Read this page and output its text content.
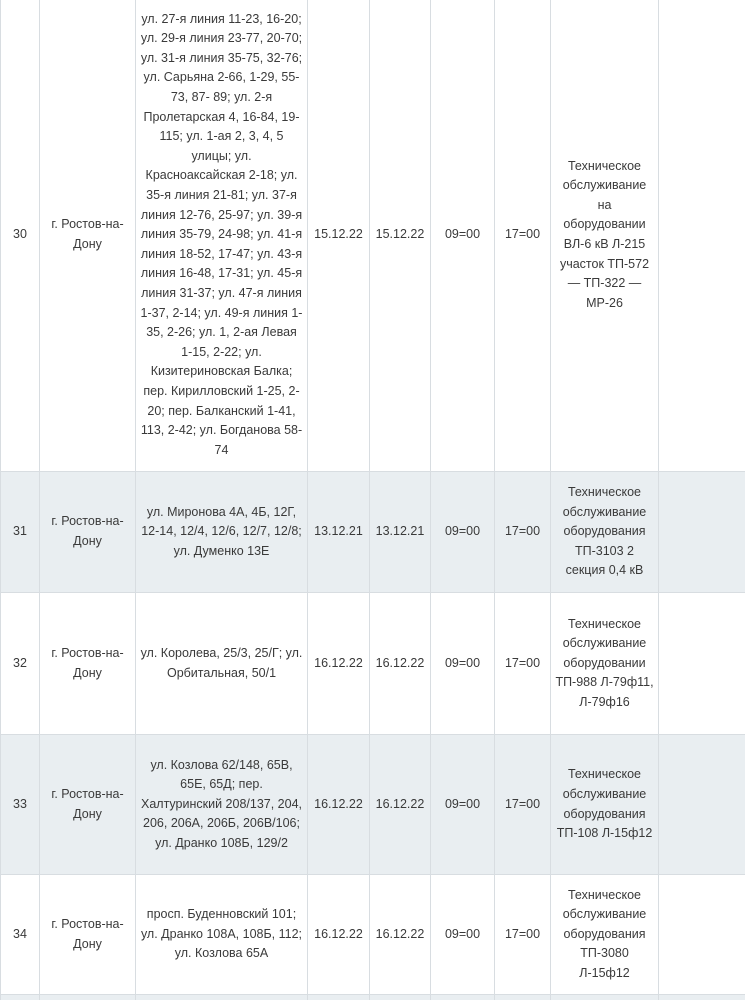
30	г. Ростов-на-Дону	ул. 27-я линия 11-23, 16-20; ул. 29-я линия 23-77, 20-70; ул. 31-я линия 35-75, 32-76; ул. Сарьяна 2-66, 1-29, 55-73, 87- 89; ул. 2-я Пролетарская 4, 16-84, 19-115; ул. 1-ая 2, 3, 4, 5 улицы; ул. Красноаксайская 2-18; ул. 35-я линия 21-81; ул. 37-я линия 12-76, 25-97; ул. 39-я линия 35-79, 24-98; ул. 41-я линия 18-52, 17-47; ул. 43-я линия 16-48, 17-31; ул. 45-я линия 31-37; ул. 47-я линия 1-37, 2-14; ул. 49-я линия 1-35, 2-26; ул. 1, 2-ая Левая 1-15, 2-22; ул. Кизитериновская Балка; пер. Кирилловский 1-25, 2-20; пер. Балканский 1-41, 113, 2-42; ул. Богданова 58-74	15.12.22	15.12.22	09=00	17=00	Техническое обслуживание на оборудовании ВЛ-6 кВ Л-215 участок ТП-572 — ТП-322 — МР-26	

31	г. Ростов-на-Дону	ул. Миронова 4А, 4Б, 12Г, 12-14, 12/4, 12/6, 12/7, 12/8; ул. Думенко 13Е	13.12.21	13.12.21	09=00	17=00	Техническое обслуживание оборудования ТП-3103 2 секция 0,4 кВ	

32	г. Ростов-на-Дону	ул. Королева, 25/3, 25/Г; ул. Орбитальная, 50/1	16.12.22	16.12.22	09=00	17=00	Техническое обслуживание оборудовании ТП-988 Л-79ф11, Л-79ф16	

33	г. Ростов-на-Дону	ул. Козлова 62/148, 65В, 65Е, 65Д; пер. Халтуринский 208/137, 204, 206, 206А, 206Б, 206В/106; ул. Дранко 108Б, 129/2	16.12.22	16.12.22	09=00	17=00	Техническое обслуживание оборудования ТП-108 Л-15ф12	

34	г. Ростов-на-Дону	просп. Буденновский 101; ул. Дранко 108А, 108Б, 112; ул. Козлова 65А	16.12.22	16.12.22	09=00	17=00	Техническое обслуживание оборудования ТП-3080 Л-15ф12	
